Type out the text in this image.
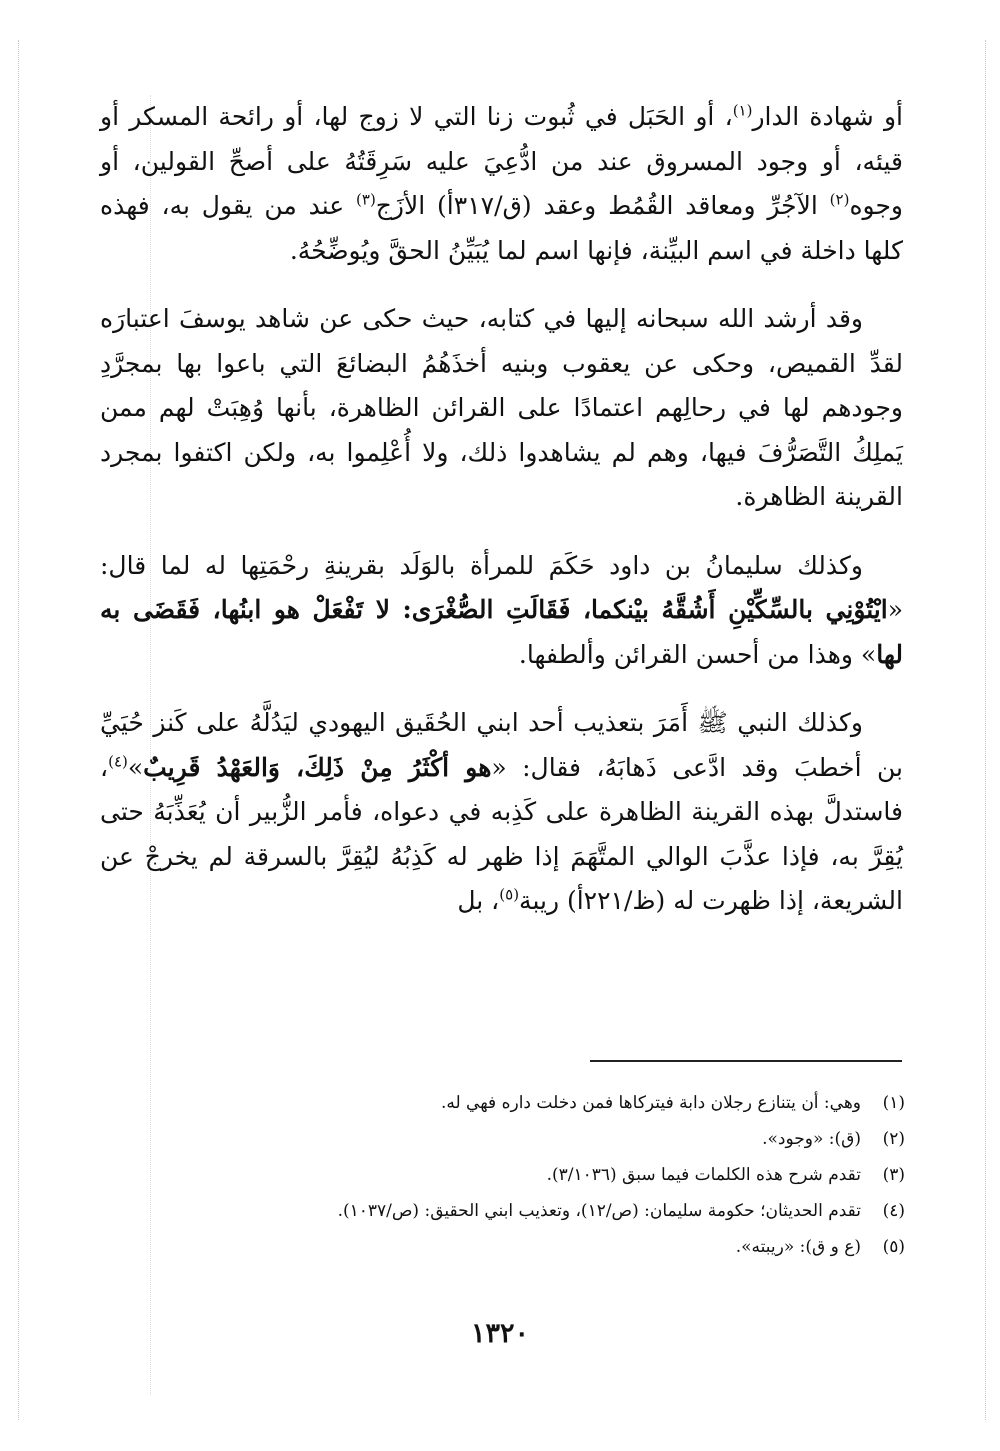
أو شهادة الدار$^{(١)}$، أو الحَبَل في ثُبوت زنا التي لا زوج لها، أو رائحة المسكر أو قيئه، أو وجود المسروق عند من ادُّعِيَ عليه سَرِقَتُهُ على أصحِّ القولين، أو وجوه$^{(٢)}$ الآجُرِّ ومعاقد القُمُط وعقد (ق/٣١٧أ) الأزَج$^{(٣)}$ عند من يقول به، فهذه كلها داخلة في اسم البيِّنة، فإنها اسم لما يُبَيِّنُ الحقَّ ويُوضِّحُهُ.

وقد أرشد الله سبحانه إليها في كتابه، حيث حكى عن شاهد يوسفَ اعتبارَه لقدِّ القميص، وحكى عن يعقوب وبنيه أخذَهُمُ البضائعَ التي باعوا بها بمجرَّدِ وجودهم لها في رحالِهم اعتمادًا على القرائن الظاهرة، بأنها وُهِبَتْ لهم ممن يَملِكُ التَّصَرُّفَ فيها، وهم لم يشاهدوا ذلك، ولا أُعْلِموا به، ولكن اكتفوا بمجرد القرينة الظاهرة.

وكذلك سليمانُ بن داود حَكَمَ للمرأة بالوَلَد بقرينةِ رحْمَتِها له لما قال: «ايْتُوْنِي بالسِّكِّيْنِ أَشُقَّهُ بيْنكما، فَقَالَتِ الصُّغْرَى: لا تَفْعَلْ هو ابنُها، فَقَضَى به لها» وهذا من أحسن القرائن وألطفها.

وكذلك النبي ﷺ أَمَرَ بتعذيب أحد ابني الحُقَيق اليهودي ليَدُلَّهُ على كَنز حُيَيِّ بن أخطبَ وقد ادَّعى ذَهابَهُ، فقال: «هو أكْثَرُ مِنْ ذَلِكَ، وَالعَهْدُ قَرِيبٌ»$^{(٤)}$، فاستدلَّ بهذه القرينة الظاهرة على كَذِبه في دعواه، فأمر الزُّبير أن يُعَذِّبَهُ حتى يُقِرَّ به، فإذا عذَّبَ الوالي المتَّهَمَ إذا ظهر له كَذِبُهُ ليُقِرَّ بالسرقة لم يخرجْ عن الشريعة، إذا ظهرت له (ظ/٢٢١أ) ريبة$^{(٥)}$، بل

(١)وهي: أن يتنازع رجلان دابة فيتركاها فمن دخلت داره فهي له.
(٢)(ق): «وجود».
(٣)تقدم شرح هذه الكلمات فيما سبق (٣/١٠٣٦).
(٤)تقدم الحديثان؛ حكومة سليمان: (ص/١٢)، وتعذيب ابني الحقيق: (ص/١٠٣٧).
(٥)(ع و ق): «ريبته».
١٣٢٠
